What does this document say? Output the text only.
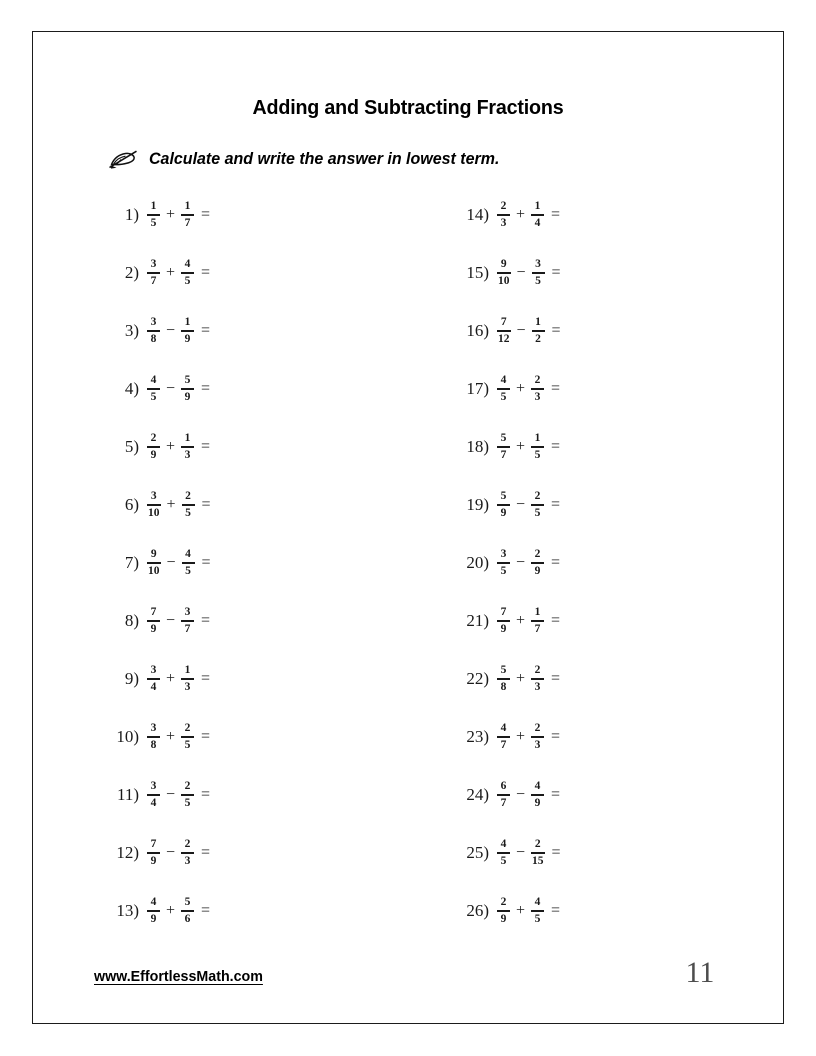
Adding and Subtracting Fractions
Calculate and write the answer in lowest term.
$1) \frac{1}{5} + \frac{1}{7}$ =
$2) \frac{3}{7} + \frac{4}{5}$ =
$3) \frac{3}{8} - \frac{1}{9}$ =
$4) \frac{4}{5} - \frac{5}{9}$ =
$5) \frac{2}{9} + \frac{1}{3}$ =
$6) \frac{3}{10} + \frac{2}{5}$ =
$7) \frac{9}{10} - \frac{4}{5}$ =
$8) \frac{7}{9} - \frac{3}{7}$ =
$9) \frac{3}{4} + \frac{1}{3}$ =
$10) \frac{3}{8} + \frac{2}{5}$ =
$11) \frac{3}{4} - \frac{2}{5}$ =
$12) \frac{7}{9} - \frac{2}{3}$ =
$13) \frac{4}{9} + \frac{5}{6}$ =
$14) \frac{2}{3} + \frac{1}{4}$ =
$15) \frac{9}{10} - \frac{3}{5}$ =
$16) \frac{7}{12} - \frac{1}{2}$ =
$17) \frac{4}{5} + \frac{2}{3}$ =
$18) \frac{5}{7} + \frac{1}{5}$ =
$19) \frac{5}{9} - \frac{2}{5}$ =
$20) \frac{3}{5} - \frac{2}{9}$ =
$21) \frac{7}{9} + \frac{1}{7}$ =
$22) \frac{5}{8} + \frac{2}{3}$ =
$23) \frac{4}{7} + \frac{2}{3}$ =
$24) \frac{6}{7} - \frac{4}{9}$ =
$25) \frac{4}{5} - \frac{2}{15}$ =
$26) \frac{2}{9} + \frac{4}{5}$ =
www.EffortlessMath.com	11
